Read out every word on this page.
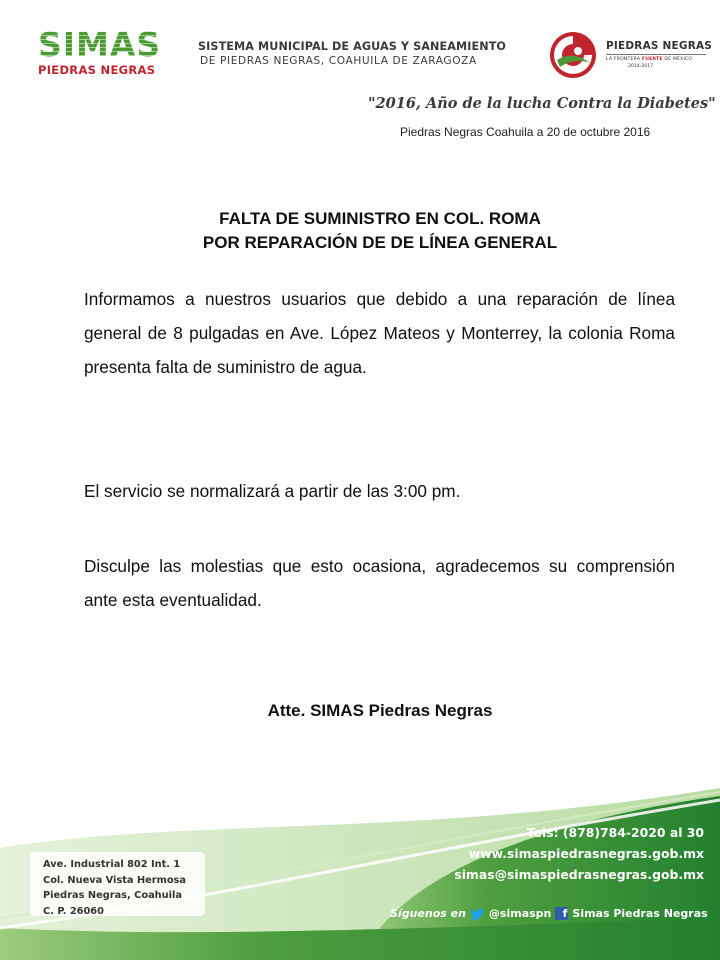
SIMAS
PIEDRAS NEGRAS
SISTEMA MUNICIPAL DE AGUAS Y SANEAMIENTO
DE PIEDRAS NEGRAS, COAHUILA DE ZARAGOZA
PIEDRAS NEGRAS
LA FRONTERA FUERTE DE MÉXICO
2014-2017
"2016, Año de la lucha Contra la Diabetes"
Piedras Negras Coahuila a 20 de octubre 2016
FALTA DE SUMINISTRO EN COL. ROMA
POR REPARACIÓN DE DE LÍNEA GENERAL
Informamos a nuestros usuarios que debido a una reparación de línea general de 8 pulgadas en Ave. López Mateos y Monterrey, la colonia Roma presenta falta de suministro de agua.
El servicio se normalizará a partir de las 3:00 pm.
Disculpe las molestias que esto ocasiona, agradecemos su comprensión ante esta eventualidad.
Atte. SIMAS Piedras Negras
Ave. Industrial 802 Int. 1
Col. Nueva Vista Hermosa
Piedras Negras, Coahuila
C. P. 26060
Tels: (878)784-2020 al 30
www.simaspiedrasnegras.gob.mx
simas@simaspiedrasnegras.gob.mx
Síguenos en @simaspn	f Simas Piedras Negras
